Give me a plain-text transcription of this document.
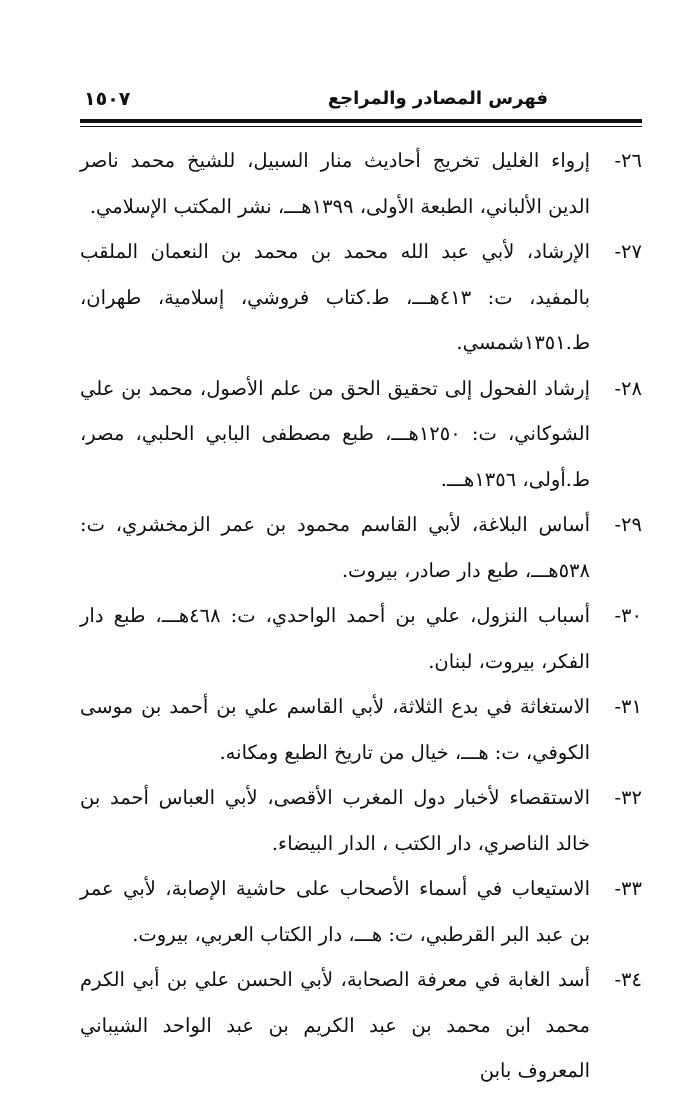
فهرس المصادر والمراجع
١٥٠٧

٢٦-إرواء الغليل تخريج أحاديث منار السبيل، للشيخ محمد ناصر الدين الألباني، الطبعة الأولى، ١٣٩٩هـــ، نشر المكتب الإسلامي.

٢٧-الإرشاد، لأبي عبد الله محمد بن محمد بن النعمان الملقب بالمفيد، ت: ٤١٣هـــ، ط.كتاب فروشي، إسلامية، طهران، ط.١٣٥١شمسي.

٢٨-إرشاد الفحول إلى تحقيق الحق من علم الأصول، محمد بن علي الشوكاني، ت: ١٢٥٠هـــ، طبع مصطفى البابي الحلبي، مصر، ط.أولى، ١٣٥٦هـــ.

٢٩-أساس البلاغة، لأبي القاسم محمود بن عمر الزمخشري، ت: ٥٣٨هـــ، طبع دار صادر، بيروت.

٣٠-أسباب النزول، علي بن أحمد الواحدي، ت: ٤٦٨هـــ، طبع دار الفكر، بيروت، لبنان.

٣١-الاستغاثة في بدع الثلاثة، لأبي القاسم علي بن أحمد بن موسى الكوفي، ت: هـــ، خيال من تاريخ الطبع ومكانه.

٣٢-الاستقصاء لأخبار دول المغرب الأقصى، لأبي العباس أحمد بن خالد الناصري، دار الكتب ، الدار البيضاء.

٣٣-الاستيعاب في أسماء الأصحاب على حاشية الإصابة، لأبي عمر بن عبد البر القرطبي، ت: هـــ، دار الكتاب العربي، بيروت.

٣٤-أسد الغابة في معرفة الصحابة، لأبي الحسن علي بن أبي الكرم محمد ابن محمد بن عبد الكريم بن عبد الواحد الشيباني المعروف بابن
